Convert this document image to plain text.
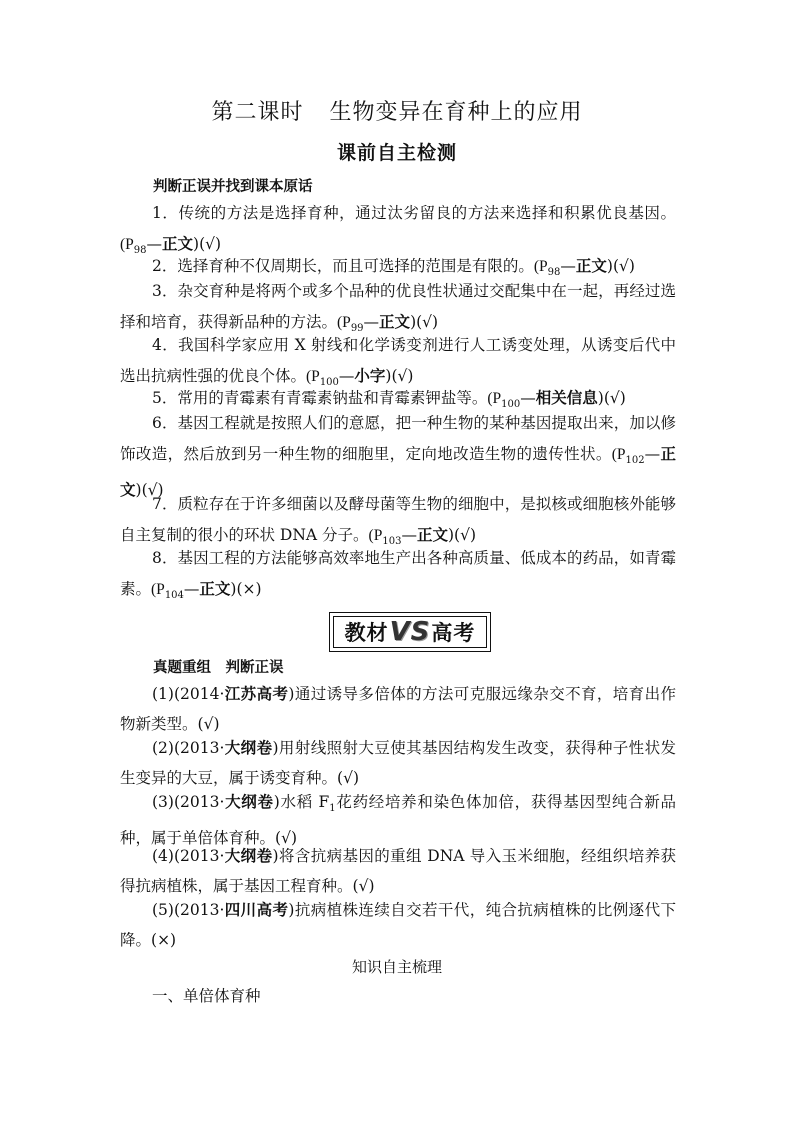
第二课时 生物变异在育种上的应用
课前自主检测
判断正误并找到课本原话
1．传统的方法是选择育种，通过汰劣留良的方法来选择和积累优良基因。($P_{98}—$正文)(√)
2．选择育种不仅周期长，而且可选择的范围是有限的。($P_{98}—$正文)(√)
3．杂交育种是将两个或多个品种的优良性状通过交配集中在一起，再经过选择和培育，获得新品种的方法。($P_{99}—$正文)(√)
4．我国科学家应用 X 射线和化学诱变剂进行人工诱变处理，从诱变后代中选出抗病性强的优良个体。($P_{100}—$小字)(√)
5．常用的青霉素有青霉素钠盐和青霉素钾盐等。($P_{100}—$相关信息)(√)
6．基因工程就是按照人们的意愿，把一种生物的某种基因提取出来，加以修饰改造，然后放到另一种生物的细胞里，定向地改造生物的遗传性状。($P_{102}—$正文)(√)
7．质粒存在于许多细菌以及酵母菌等生物的细胞中，是拟核或细胞核外能够自主复制的很小的环状 DNA 分子。($P_{103}—$正文)(√)
8．基因工程的方法能够高效率地生产出各种高质量、低成本的药品，如青霉素。($P_{104}—$正文)(×)
教材 VS 高考
真题重组　判断正误
(1)(2014·江苏高考)通过诱导多倍体的方法可克服远缘杂交不育，培育出作物新类型。(√)
(2)(2013·大纲卷)用射线照射大豆使其基因结构发生改变，获得种子性状发生变异的大豆，属于诱变育种。(√)
(3)(2013·大纲卷)水稻 $F_1$花药经培养和染色体加倍，获得基因型纯合新品种，属于单倍体育种。(√)
(4)(2013·大纲卷)将含抗病基因的重组 DNA 导入玉米细胞，经组织培养获得抗病植株，属于基因工程育种。(√)
(5)(2013·四川高考)抗病植株连续自交若干代，纯合抗病植株的比例逐代下降。(×)
知识自主梳理
一、单倍体育种
